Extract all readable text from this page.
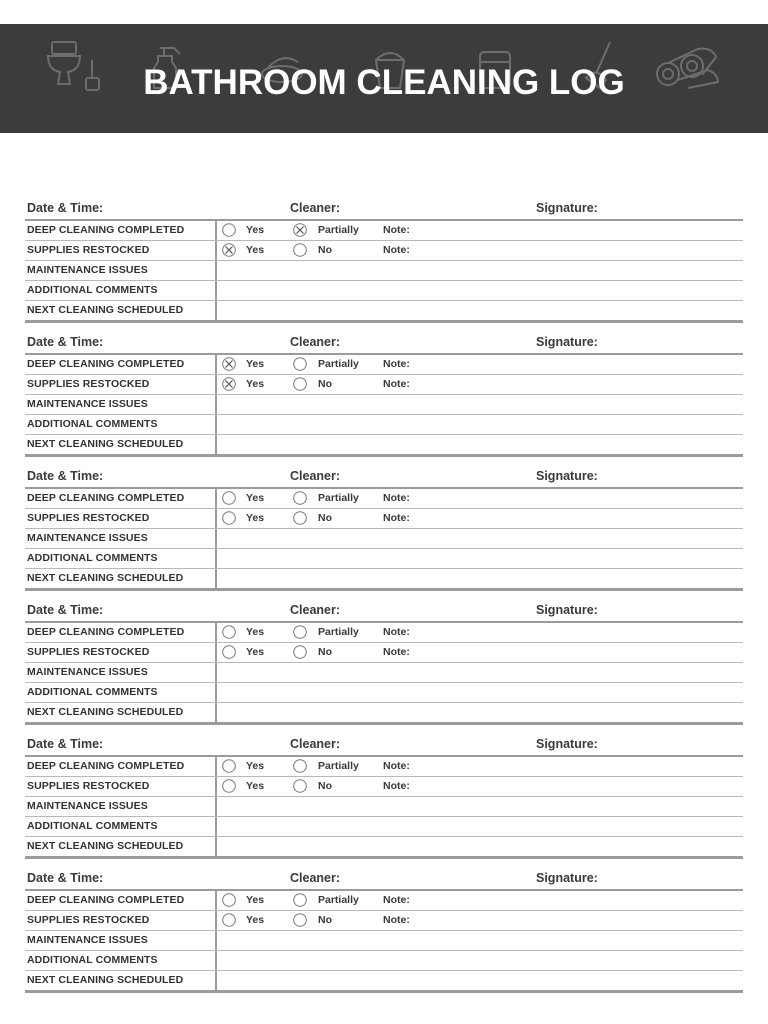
BATHROOM CLEANING LOG
Date & Time:	Cleaner:	Signature:
DEEP CLEANING COMPLETED	Yes	Partially Note:
SUPPLIES RESTOCKED	Yes	No	Note:
MAINTENANCE ISSUES
ADDITIONAL COMMENTS
NEXT CLEANING SCHEDULED
Date & Time:	Cleaner:	Signature:
DEEP CLEANING COMPLETED	Yes	Partially Note:
SUPPLIES RESTOCKED	Yes	No	Note:
MAINTENANCE ISSUES
ADDITIONAL COMMENTS
NEXT CLEANING SCHEDULED
Date & Time:	Cleaner:	Signature:
DEEP CLEANING COMPLETED	Yes	Partially Note:
SUPPLIES RESTOCKED	Yes	No	Note:
MAINTENANCE ISSUES
ADDITIONAL COMMENTS
NEXT CLEANING SCHEDULED
Date & Time:	Cleaner:	Signature:
DEEP CLEANING COMPLETED	Yes	Partially Note:
SUPPLIES RESTOCKED	Yes	No	Note:
MAINTENANCE ISSUES
ADDITIONAL COMMENTS
NEXT CLEANING SCHEDULED
Date & Time:	Cleaner:	Signature:
DEEP CLEANING COMPLETED	Yes	Partially Note:
SUPPLIES RESTOCKED	Yes	No	Note:
MAINTENANCE ISSUES
ADDITIONAL COMMENTS
NEXT CLEANING SCHEDULED
Date & Time:	Cleaner:	Signature:
DEEP CLEANING COMPLETED	Yes	Partially Note:
SUPPLIES RESTOCKED	Yes	No	Note:
MAINTENANCE ISSUES
ADDITIONAL COMMENTS
NEXT CLEANING SCHEDULED
